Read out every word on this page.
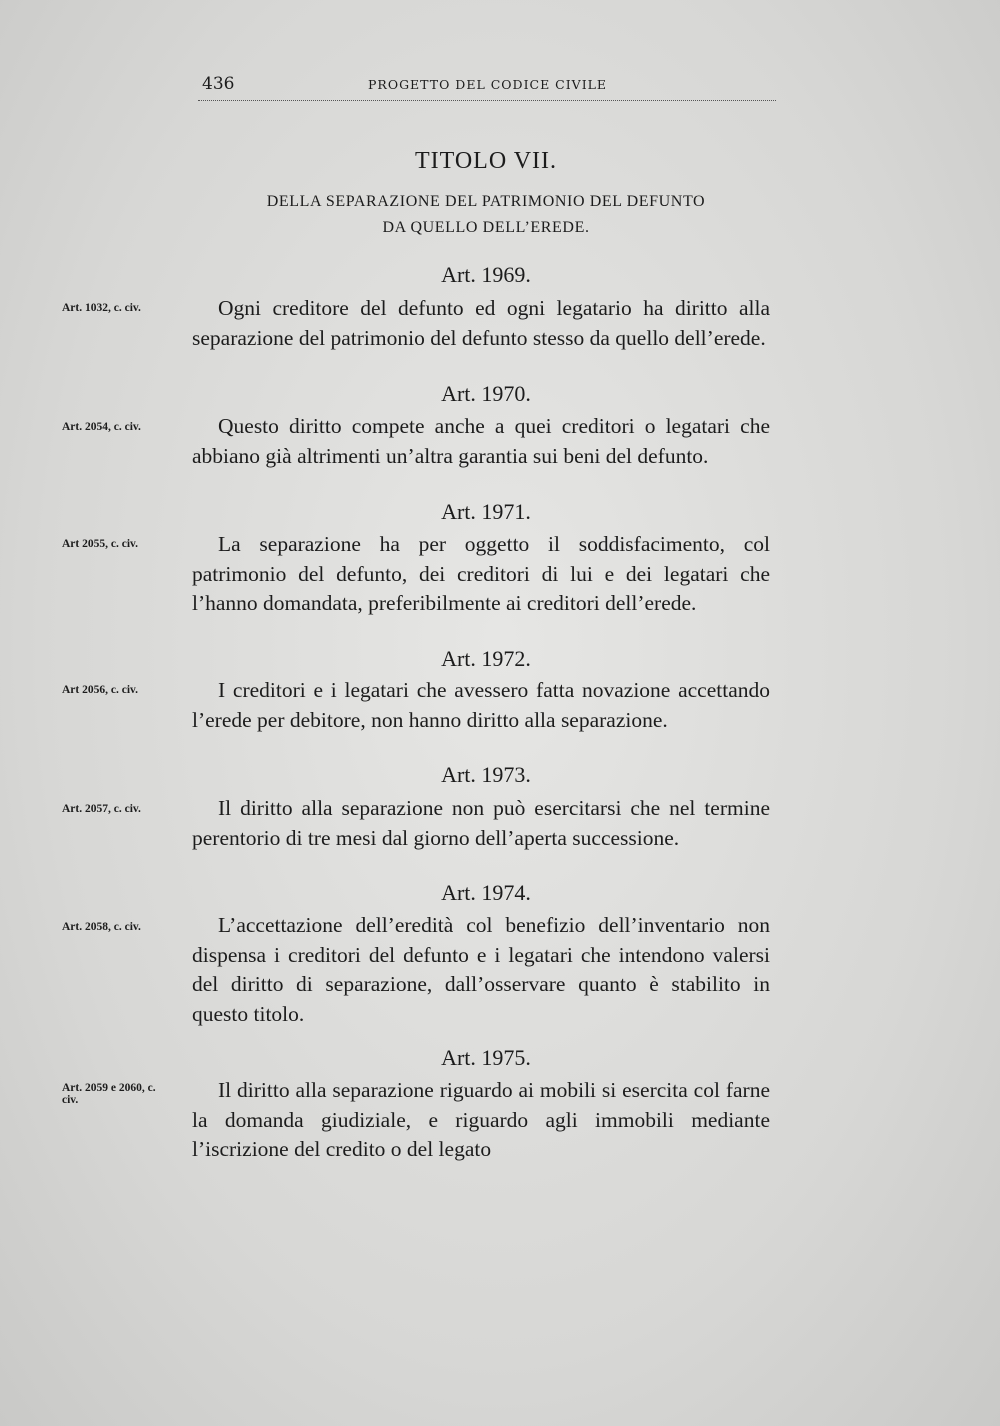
436	PROGETTO DEL CODICE CIVILE
TITOLO VII.
DELLA SEPARAZIONE DEL PATRIMONIO DEL DEFUNTO
DA QUELLO DELL’EREDE.
Art. 1969.
Art. 1032, c. civ.	Ogni creditore del defunto ed ogni legatario ha diritto alla separazione del patrimonio del defunto stesso da quello dell’erede.

Art. 1970.
Art. 2054, c. civ.	Questo diritto compete anche a quei creditori o legatari che abbiano già altrimenti un’altra garantia sui beni del defunto.

Art. 1971.
Art 2055, c. civ.	La separazione ha per oggetto il soddisfacimento, col patrimonio del defunto, dei creditori di lui e dei legatari che l’hanno domandata, preferibilmente ai creditori dell’erede.

Art. 1972.
Art 2056, c. civ.	I creditori e i legatari che avessero fatta novazione accettando l’erede per debitore, non hanno diritto alla separazione.

Art. 1973.
Art. 2057, c. civ.	Il diritto alla separazione non può esercitarsi che nel termine perentorio di tre mesi dal giorno dell’aperta successione.

Art. 1974.
Art. 2058, c. civ.	L’accettazione dell’eredità col benefizio dell’inventario non dispensa i creditori del defunto e i legatari che intendono valersi del diritto di separazione, dall’osservare quanto è stabilito in questo titolo.

Art. 1975.
Art. 2059 e 2060, c. civ.	Il diritto alla separazione riguardo ai mobili si esercita col farne la domanda giudiziale, e riguardo agli immobili mediante l’iscrizione del credito o del legato
